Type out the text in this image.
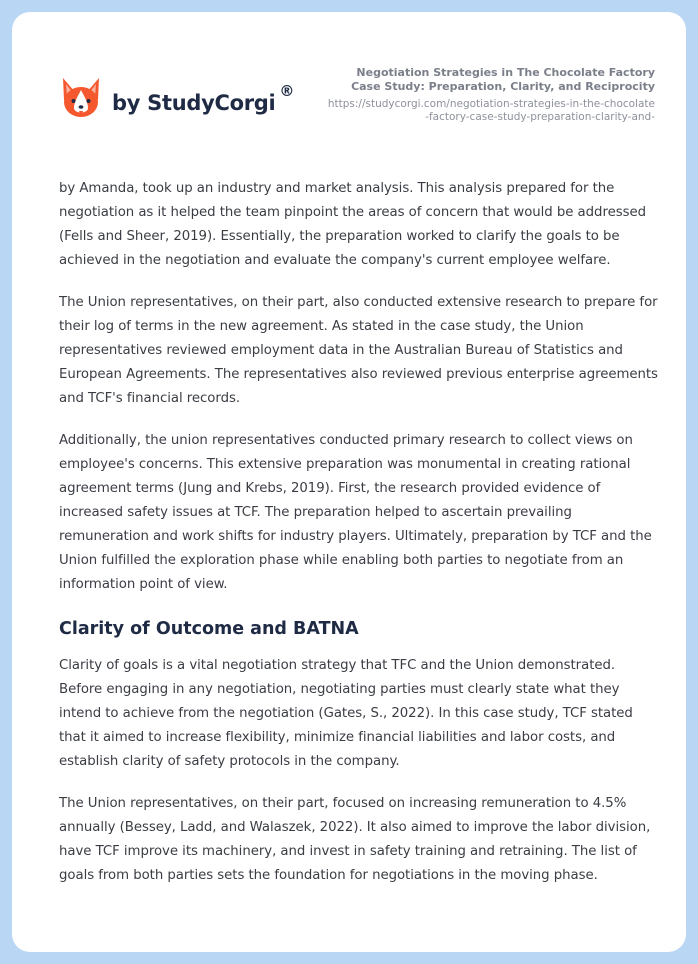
by StudyCorgi ®
Negotiation Strategies in The Chocolate Factory Case Study: Preparation, Clarity, and Reciprocity
https://studycorgi.com/negotiation-strategies-in-the-chocolate-factory-case-study-preparation-clarity-and-

by Amanda, took up an industry and market analysis. This analysis prepared for the negotiation as it helped the team pinpoint the areas of concern that would be addressed (Fells and Sheer, 2019). Essentially, the preparation worked to clarify the goals to be achieved in the negotiation and evaluate the company's current employee welfare.

The Union representatives, on their part, also conducted extensive research to prepare for their log of terms in the new agreement. As stated in the case study, the Union representatives reviewed employment data in the Australian Bureau of Statistics and European Agreements. The representatives also reviewed previous enterprise agreements and TCF's financial records.

Additionally, the union representatives conducted primary research to collect views on employee's concerns. This extensive preparation was monumental in creating rational agreement terms (Jung and Krebs, 2019). First, the research provided evidence of increased safety issues at TCF. The preparation helped to ascertain prevailing remuneration and work shifts for industry players. Ultimately, preparation by TCF and the Union fulfilled the exploration phase while enabling both parties to negotiate from an information point of view.

Clarity of Outcome and BATNA

Clarity of goals is a vital negotiation strategy that TFC and the Union demonstrated. Before engaging in any negotiation, negotiating parties must clearly state what they intend to achieve from the negotiation (Gates, S., 2022). In this case study, TCF stated that it aimed to increase flexibility, minimize financial liabilities and labor costs, and establish clarity of safety protocols in the company.

The Union representatives, on their part, focused on increasing remuneration to 4.5% annually (Bessey, Ladd, and Walaszek, 2022). It also aimed to improve the labor division, have TCF improve its machinery, and invest in safety training and retraining. The list of goals from both parties sets the foundation for negotiations in the moving phase.
